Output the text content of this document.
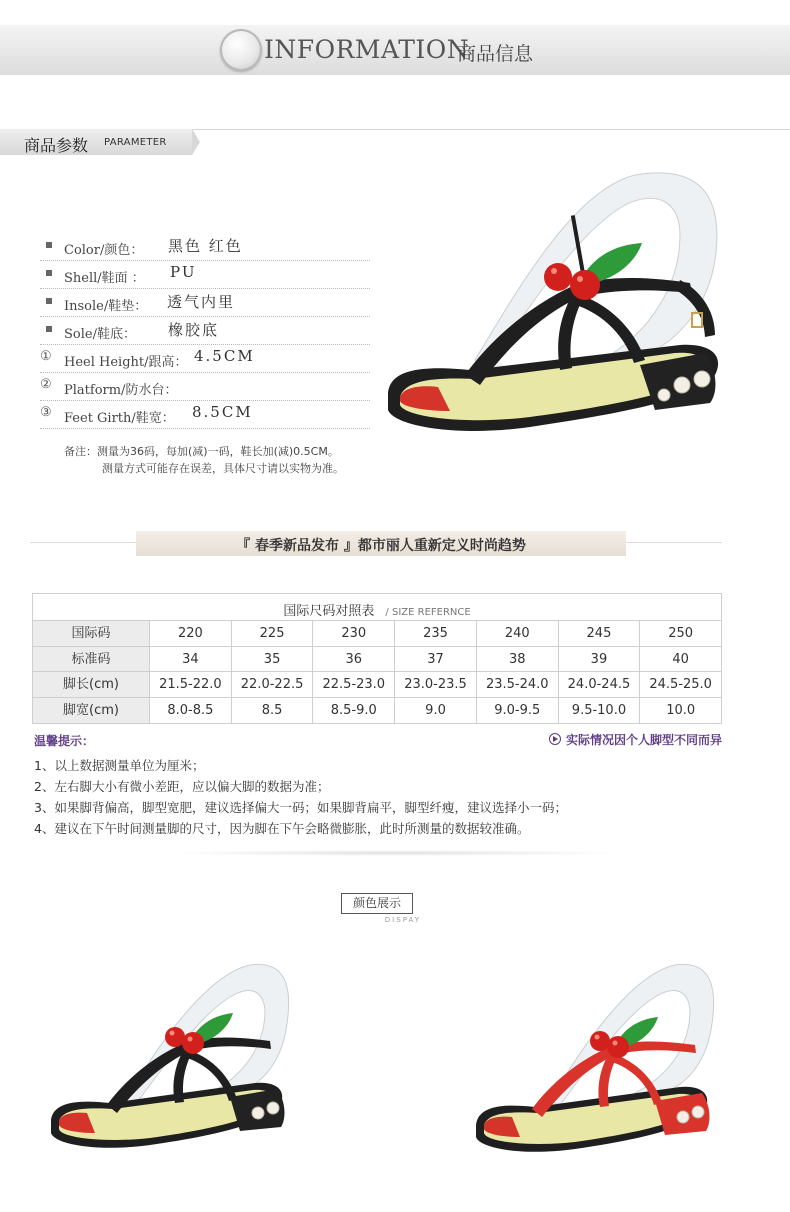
INFORMATION
商品信息
商品参数 PARAMETER
Color/颜色： 黑色 红色
Shell/鞋面 ： PU
Insole/鞋垫： 透气内里
Sole/鞋底： 橡胶底
① Heel Height/跟高： 4.5CM
② Platform/防水台：
③ Feet Girth/鞋宽： 8.5CM
备注：测量为36码，每加(减)一码，鞋长加(减)0.5CM。
测量方式可能存在误差，具体尺寸请以实物为准。
『 春季新品发布 』都市丽人重新定义时尚趋势
国际尺码对照表 / SIZE REFERNCE
国际码	220	225	230	235	240	245	250
标准码	34	35	36	37	38	39	40
脚长(cm)	21.5-22.0	22.0-22.5	22.5-23.0	23.0-23.5	23.5-24.0	24.0-24.5	24.5-25.0
脚宽(cm)	8.0-8.5	8.5	8.5-9.0	9.0	9.0-9.5	9.5-10.0	10.0
温馨提示：	实际情况因个人脚型不同而异
1、以上数据测量单位为厘米；
2、左右脚大小有微小差距，应以偏大脚的数据为准；
3、如果脚背偏高，脚型宽肥，建议选择偏大一码；如果脚背扁平，脚型纤瘦，建议选择小一码；
4、建议在下午时间测量脚的尺寸，因为脚在下午会略微膨胀，此时所测量的数据较准确。
颜色展示
DISPAY
